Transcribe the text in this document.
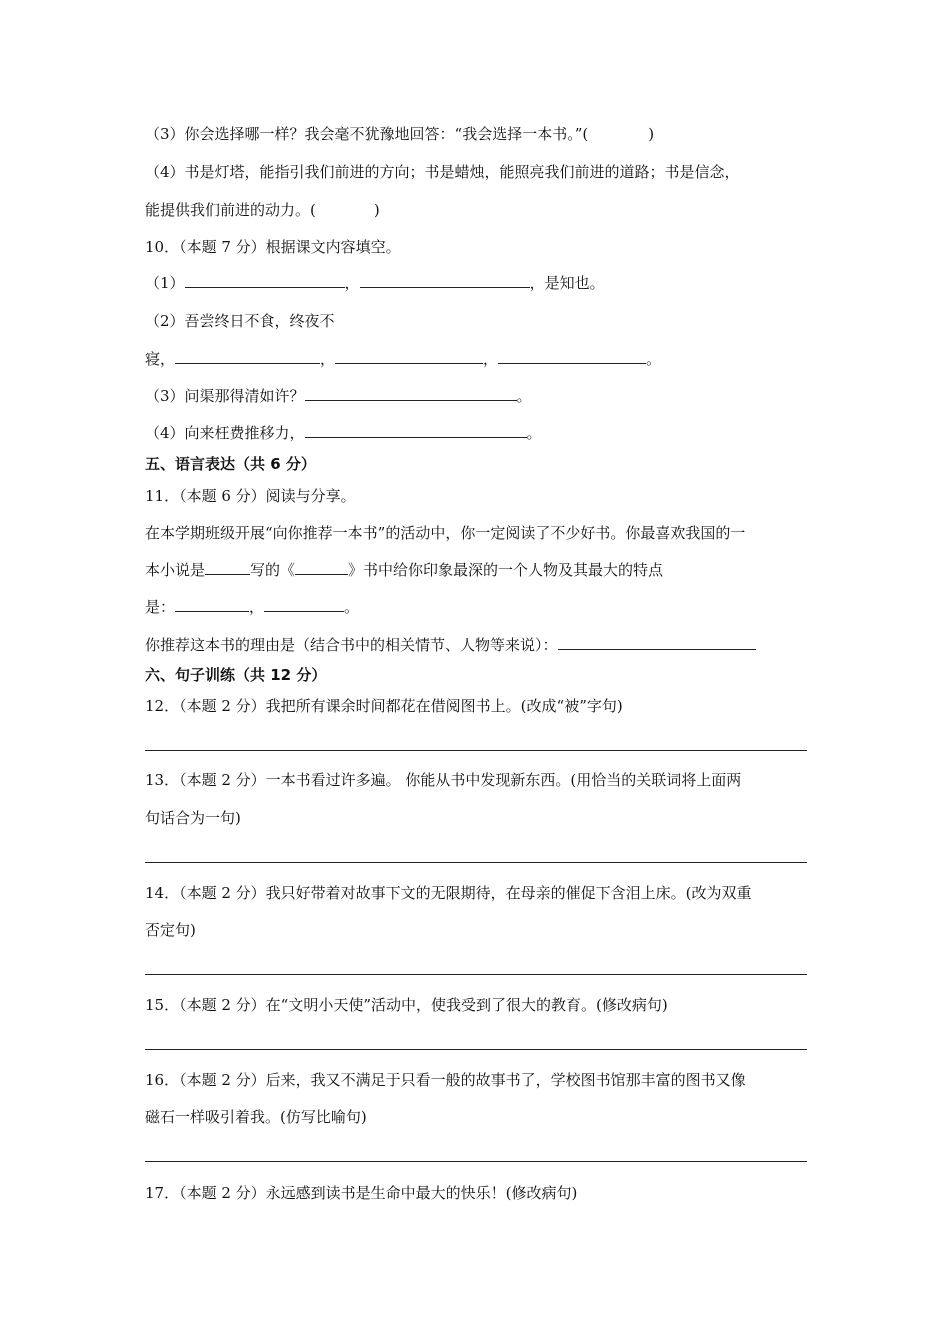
（3）你会选择哪一样？我会毫不犹豫地回答：“我会选择一本书。”(	)
（4）书是灯塔，能指引我们前进的方向；书是蜡烛，能照亮我们前进的道路；书是信念，
能提供我们前进的动力。(	)
10．（本题 7 分）根据课文内容填空。
（1）	，	，是知也。
（2）吾尝终日不食，终夜不
寝，	，	，	。
（3）问渠那得清如许？	。
（4）向来枉费推移力，	。
五、语言表达（共 6 分）
11．（本题 6 分）阅读与分享。
在本学期班级开展“向你推荐一本书”的活动中，你一定阅读了不少好书。你最喜欢我国的一
本小说是	写的《	》书中给你印象最深的一个人物及其最大的特点
是：	，	。
你推荐这本书的理由是（结合书中的相关情节、人物等来说）：
六、句子训练（共 12 分）
12．（本题 2 分）我把所有课余时间都花在借阅图书上。(改成“被”字句)
13．（本题 2 分）一本书看过许多遍。 你能从书中发现新东西。(用恰当的关联词将上面两
句话合为一句)
14．（本题 2 分）我只好带着对故事下文的无限期待，在母亲的催促下含泪上床。(改为双重
否定句)
15．（本题 2 分）在“文明小天使”活动中，使我受到了很大的教育。(修改病句)
16．（本题 2 分）后来，我又不满足于只看一般的故事书了，学校图书馆那丰富的图书又像
磁石一样吸引着我。(仿写比喻句)
17．（本题 2 分）永远感到读书是生命中最大的快乐！(修改病句)
